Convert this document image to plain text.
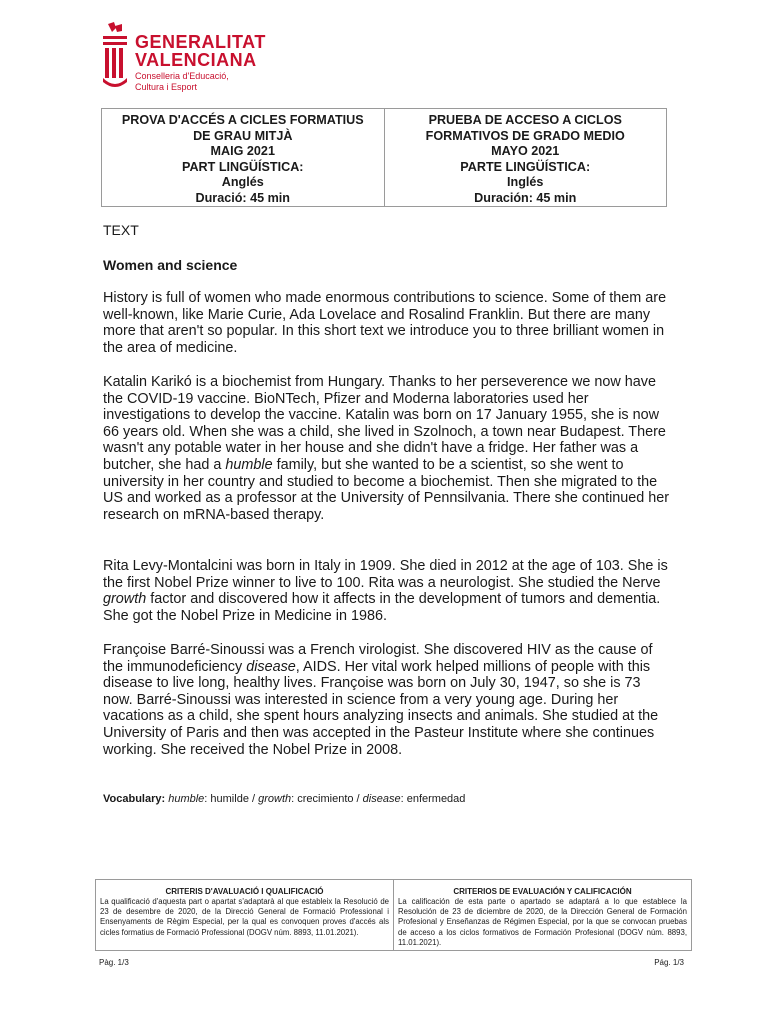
GENERALITAT
VALENCIANA
Conselleria d'Educació,
Cultura i Esport
PROVA D'ACCÉS A CICLES FORMATIUS
DE GRAU MITJÀ
MAIG 2021
PART LINGÜÍSTICA:
Anglés
Duració: 45 min
PRUEBA DE ACCESO A CICLOS
FORMATIVOS DE GRADO MEDIO
MAYO 2021
PARTE LINGÜÍSTICA:
Inglés
Duración: 45 min
TEXT
Women and science

History is full of women who made enormous contributions to science. Some of them are well-known, like Marie Curie, Ada Lovelace and Rosalind Franklin. But there are many more that aren't so popular. In this short text we introduce you to three brilliant women in the area of medicine.

Katalin Karikó is a biochemist from Hungary. Thanks to her perseverence we now have the COVID-19 vaccine. BioNTech, Pfizer and Moderna laboratories used her investigations to develop the vaccine. Katalin was born on 17 January 1955, she is now 66 years old. When she was a child, she lived in Szolnoch, a town near Budapest. There wasn't any potable water in her house and she didn't have a fridge. Her father was a butcher, she had a humble family, but she wanted to be a scientist, so she went to university in her country and studied to become a biochemist. Then she migrated to the US and worked as a professor at the University of Pennsilvania. There she continued her research on mRNA-based therapy.

Rita Levy-Montalcini was born in Italy in 1909. She died in 2012 at the age of 103. She is the first Nobel Prize winner to live to 100. Rita was a neurologist. She studied the Nerve growth factor and discovered how it affects in the development of tumors and dementia. She got the Nobel Prize in Medicine in 1986.

Françoise Barré-Sinoussi was a French virologist. She discovered HIV as the cause of the immunodeficiency disease, AIDS. Her vital work helped millions of people with this disease to live long, healthy lives. Françoise was born on July 30, 1947, so she is 73 now. Barré-Sinoussi was interested in science from a very young age. During her vacations as a child, she spent hours analyzing insects and animals. She studied at the University of Paris and then was accepted in the Pasteur Institute where she continues working. She received the Nobel Prize in 2008.

Vocabulary: humble: humilde / growth: crecimiento / disease: enfermedad
CRITERIS D'AVALUACIÓ I QUALIFICACIÓ
La qualificació d'aquesta part o apartat s'adaptarà al que estableix la Resolució de 23 de desembre de 2020, de la Direcció General de Formació Professional i Ensenyaments de Règim Especial, per la qual es convoquen proves d'accés als cicles formatius de Formació Professional (DOGV núm. 8893, 11.01.2021).
CRITERIOS DE EVALUACIÓN Y CALIFICACIÓN
La calificación de esta parte o apartado se adaptará a lo que establece la Resolución de 23 de diciembre de 2020, de la Dirección General de Formación Profesional y Enseñanzas de Régimen Especial, por la que se convocan pruebas de acceso a los ciclos formativos de Formación Profesional (DOGV núm. 8893, 11.01.2021).
Pàg. 1/3	Pág. 1/3
